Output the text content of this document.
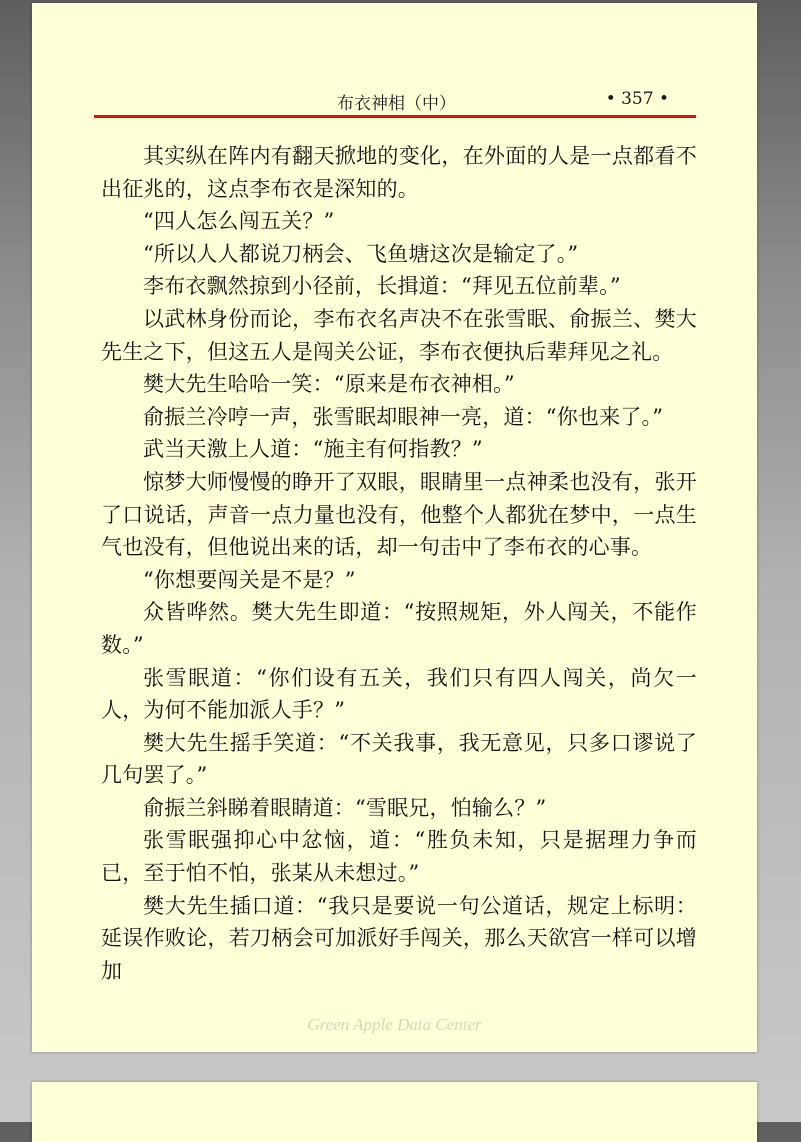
布衣神相（中）	• 357 •

其实纵在阵内有翻天掀地的变化，在外面的人是一点都看不出征兆的，这点李布衣是深知的。

“四人怎么闯五关？”

“所以人人都说刀柄会、飞鱼塘这次是输定了。”

李布衣飘然掠到小径前，长揖道：“拜见五位前辈。”

以武林身份而论，李布衣名声决不在张雪眠、俞振兰、樊大先生之下，但这五人是闯关公证，李布衣便执后辈拜见之礼。

樊大先生哈哈一笑：“原来是布衣神相。”

俞振兰冷哼一声，张雪眠却眼神一亮，道：“你也来了。”

武当天激上人道：“施主有何指教？”

惊梦大师慢慢的睁开了双眼，眼睛里一点神柔也没有，张开了口说话，声音一点力量也没有，他整个人都犹在梦中，一点生气也没有，但他说出来的话，却一句击中了李布衣的心事。

“你想要闯关是不是？”

众皆哗然。樊大先生即道：“按照规矩，外人闯关，不能作数。”

张雪眠道：“你们设有五关，我们只有四人闯关，尚欠一人，为何不能加派人手？”

樊大先生摇手笑道：“不关我事，我无意见，只多口谬说了几句罢了。”

俞振兰斜睇着眼睛道：“雪眠兄，怕输么？”

张雪眠强抑心中忿恼，道：“胜负未知，只是据理力争而已，至于怕不怕，张某从未想过。”

樊大先生插口道：“我只是要说一句公道话，规定上标明：延误作败论，若刀柄会可加派好手闯关，那么天欲宫一样可以增加

Green Apple Data Center
